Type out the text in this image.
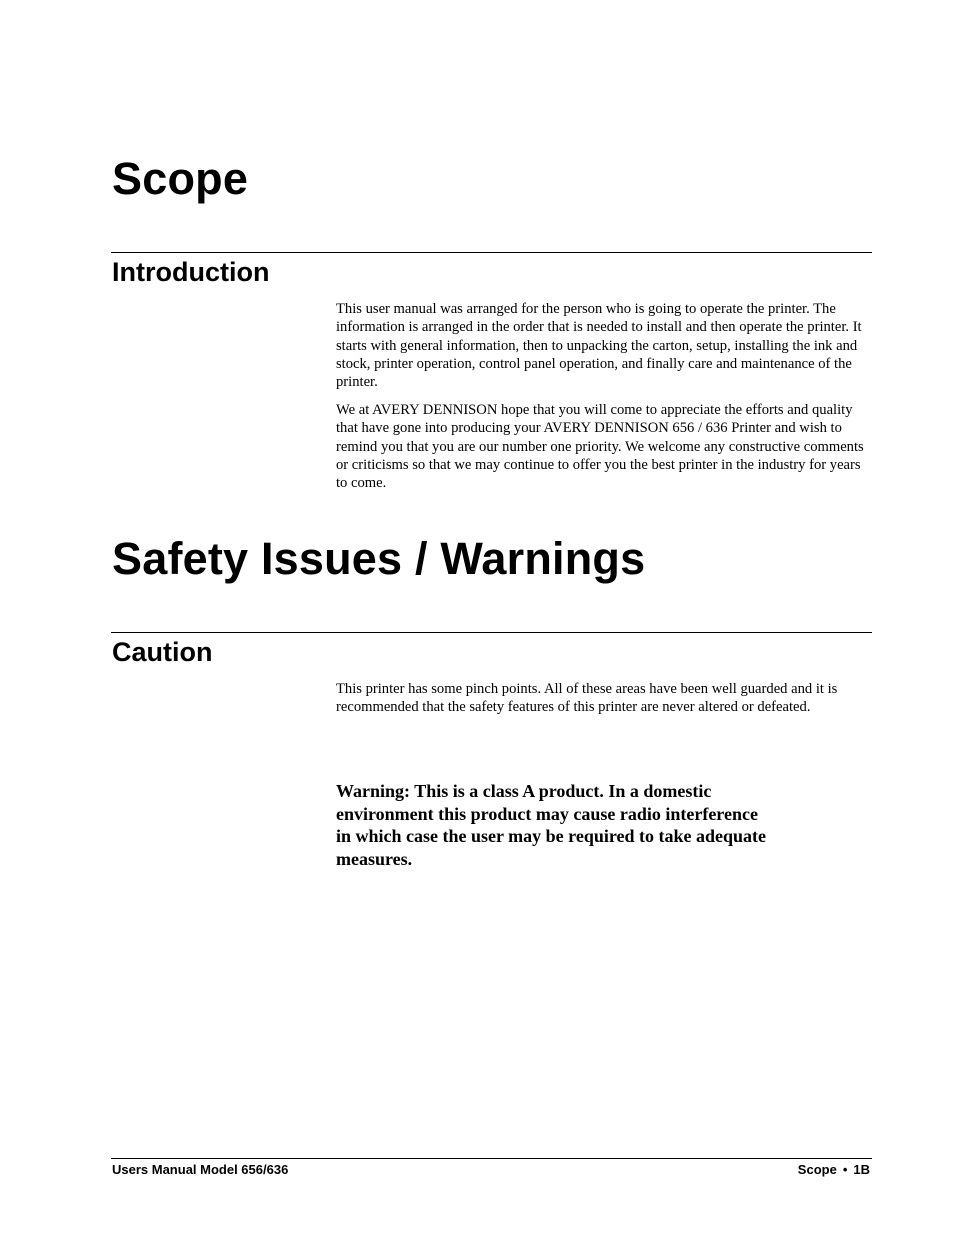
Scope
Introduction

This user manual was arranged for the person who is going to operate the printer. The information is arranged in the order that is needed to install and then operate the printer. It starts with general information, then to unpacking the carton, setup, installing the ink and stock, printer operation, control panel operation, and finally care and maintenance of the printer.

We at AVERY DENNISON hope that you will come to appreciate the efforts and quality that have gone into producing your AVERY DENNISON 656 / 636 Printer and wish to remind you that you are our number one priority. We welcome any constructive comments or criticisms so that we may continue to offer you the best printer in the industry for years to come.

Safety Issues / Warnings
Caution

This printer has some pinch points. All of these areas have been well guarded and it is recommended that the safety features of this printer are never altered or defeated.

Warning: This is a class A product. In a domestic environment this product may cause radio interference in which case the user may be required to take adequate measures.

Users Manual Model 656/636	Scope • 1B
